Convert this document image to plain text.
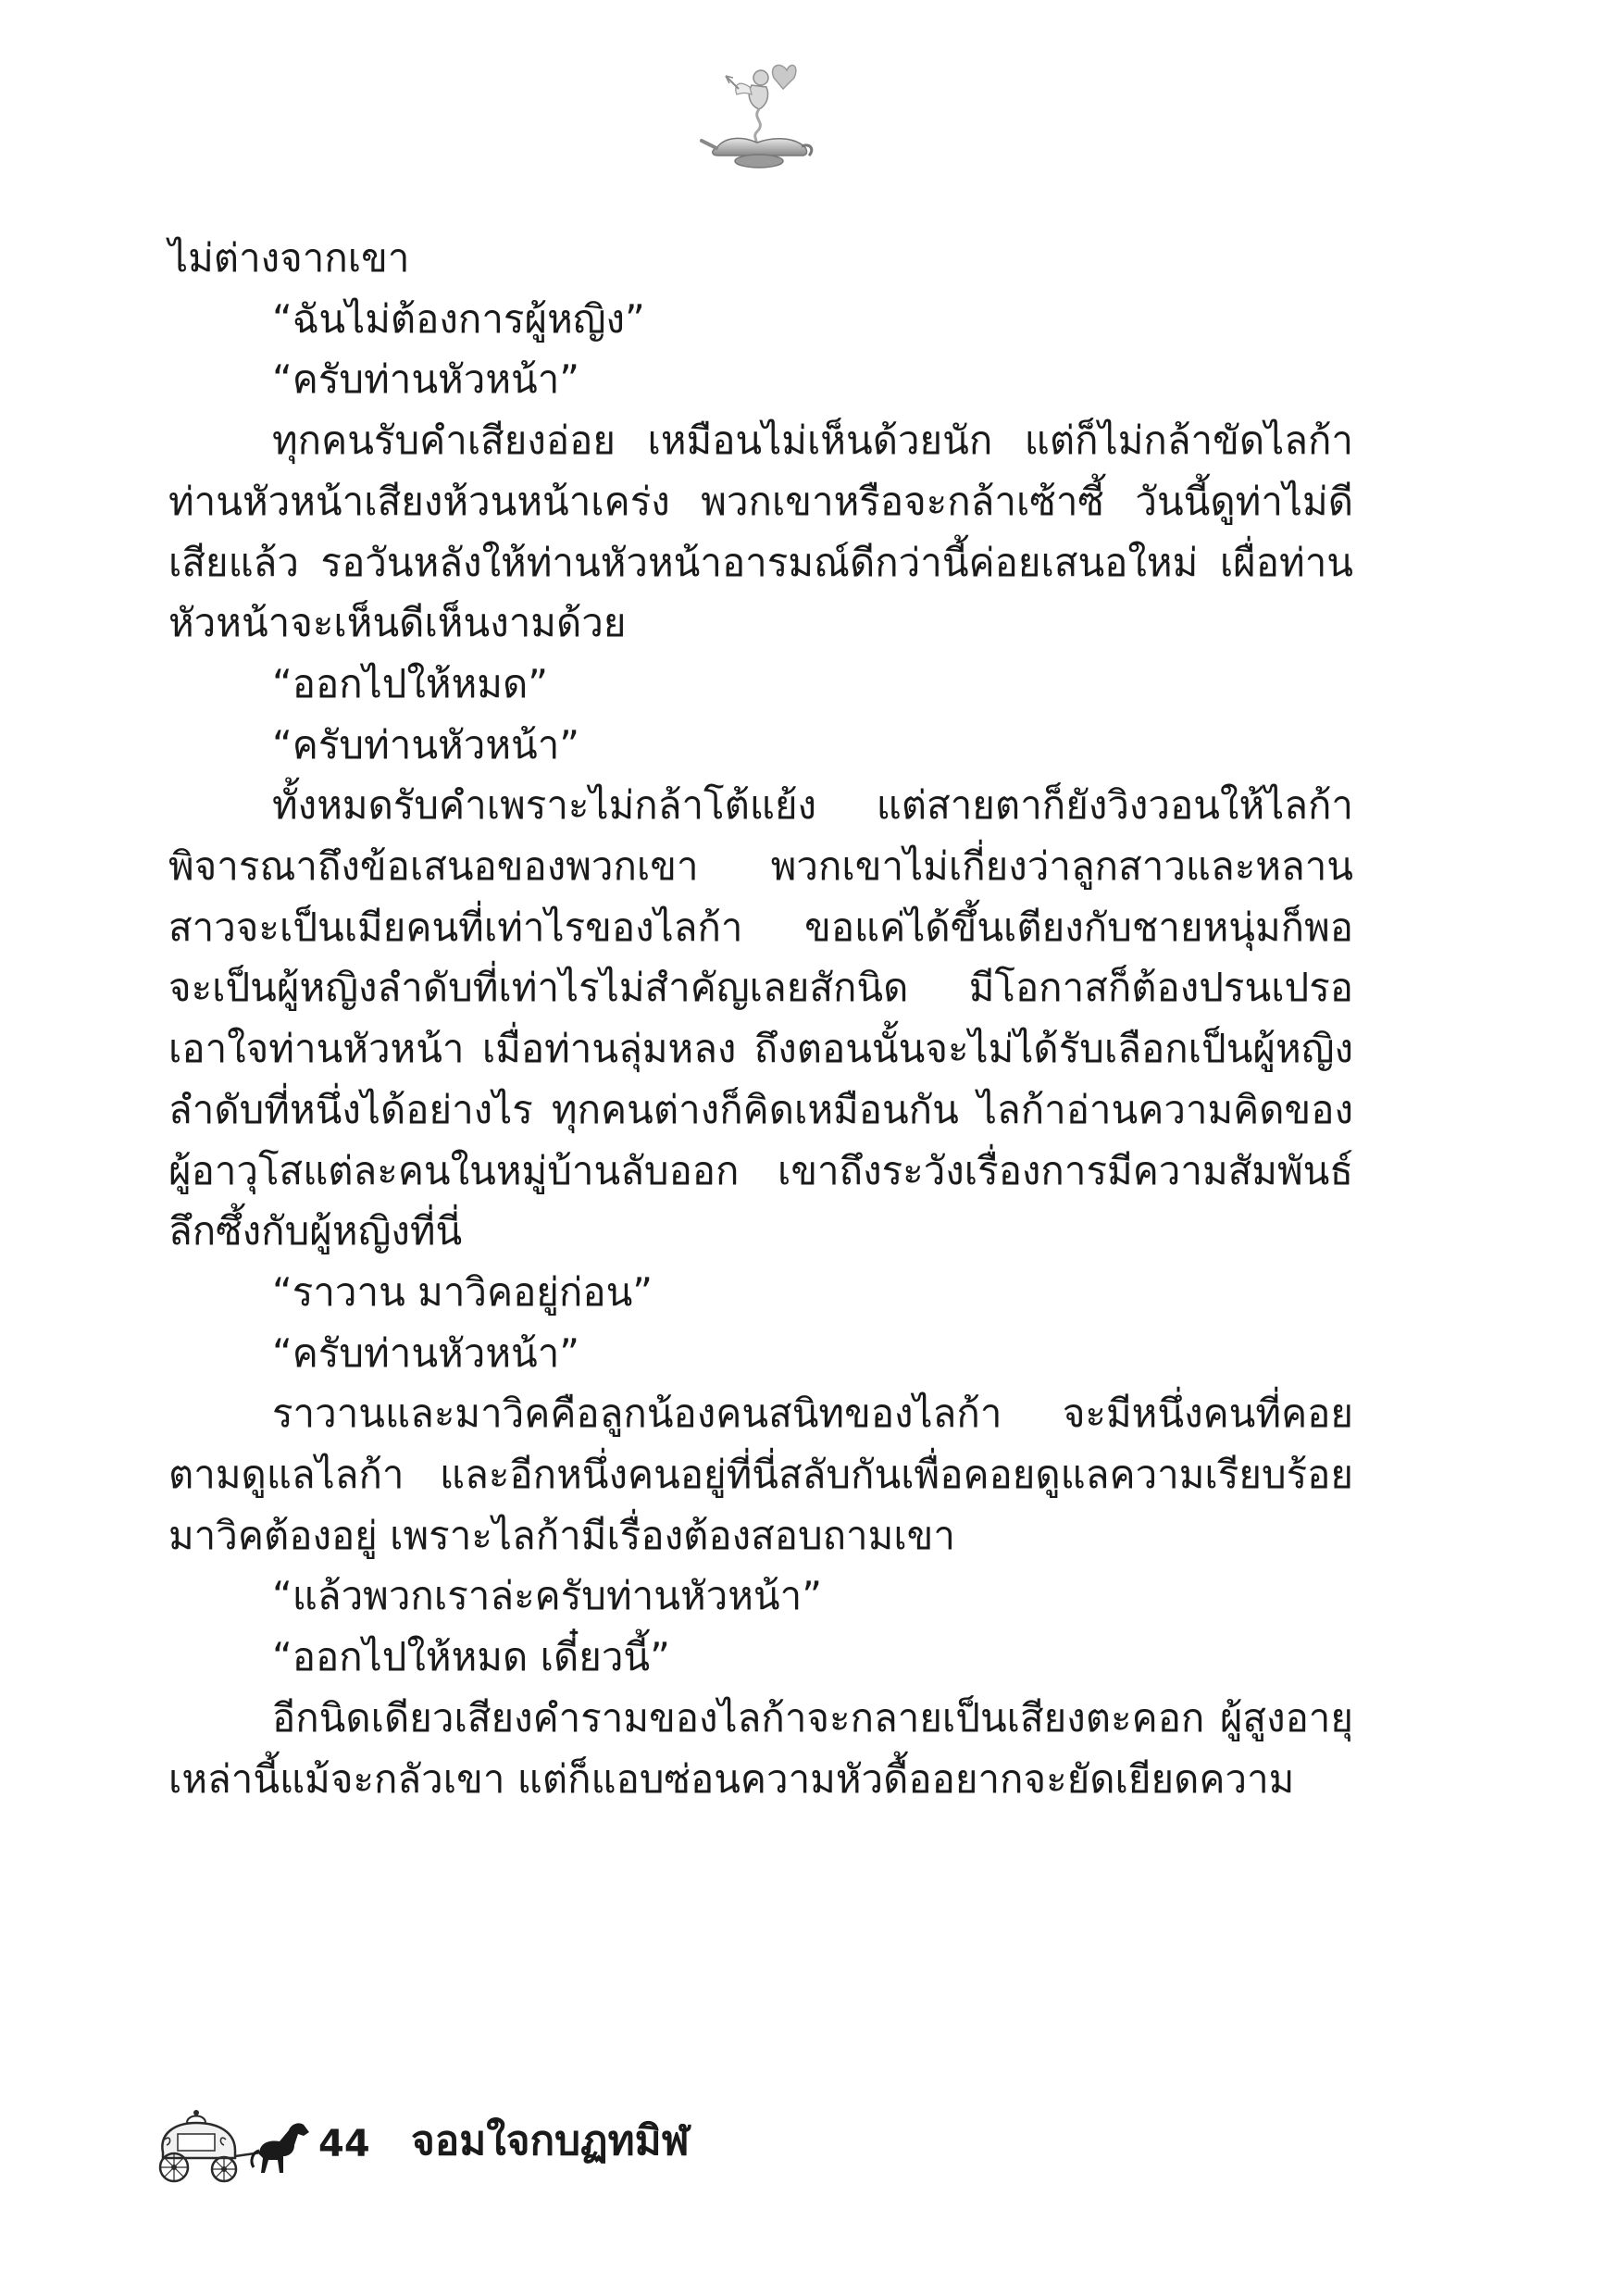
ไม่ต่างจากเขา

“ฉันไม่ต้องการผู้หญิง”

“ครับท่านหัวหน้า”

ทุกคนรับคำเสียงอ่อย เหมือนไม่เห็นด้วยนัก แต่ก็ไม่กล้าขัดไลก้า ท่านหัวหน้าเสียงห้วนหน้าเคร่ง พวกเขาหรือจะกล้าเซ้าซี้ วันนี้ดูท่าไม่ดีเสียแล้ว รอวันหลังให้ท่านหัวหน้าอารมณ์ดีกว่านี้ค่อยเสนอใหม่ เผื่อท่านหัวหน้าจะเห็นดีเห็นงามด้วย

“ออกไปให้หมด”

“ครับท่านหัวหน้า”

ทั้งหมดรับคำเพราะไม่กล้าโต้แย้ง แต่สายตาก็ยังวิงวอนให้ไลก้าพิจารณาถึงข้อเสนอของพวกเขา พวกเขาไม่เกี่ยงว่าลูกสาวและหลานสาวจะเป็นเมียคนที่เท่าไรของไลก้า ขอแค่ได้ขึ้นเตียงกับชายหนุ่มก็พอ จะเป็นผู้หญิงลำดับที่เท่าไรไม่สำคัญเลยสักนิด มีโอกาสก็ต้องปรนเปรอ เอาใจท่านหัวหน้า เมื่อท่านลุ่มหลง ถึงตอนนั้นจะไม่ได้รับเลือกเป็นผู้หญิงลำดับที่หนึ่งได้อย่างไร ทุกคนต่างก็คิดเหมือนกัน ไลก้าอ่านความคิดของผู้อาวุโสแต่ละคนในหมู่บ้านลับออก เขาถึงระวังเรื่องการมีความสัมพันธ์ลึกซึ้งกับผู้หญิงที่นี่

“ราวาน มาวิคอยู่ก่อน”

“ครับท่านหัวหน้า”

ราวานและมาวิคคือลูกน้องคนสนิทของไลก้า จะมีหนึ่งคนที่คอยตามดูแลไลก้า และอีกหนึ่งคนอยู่ที่นี่สลับกันเพื่อคอยดูแลความเรียบร้อย มาวิคต้องอยู่ เพราะไลก้ามีเรื่องต้องสอบถามเขา

“แล้วพวกเราล่ะครับท่านหัวหน้า”

“ออกไปให้หมด เดี๋ยวนี้”

อีกนิดเดียวเสียงคำรามของไลก้าจะกลายเป็นเสียงตะคอก ผู้สูงอายุเหล่านี้แม้จะกลัวเขา แต่ก็แอบซ่อนความหัวดื้ออยากจะยัดเยียดความ

44 จอมใจกบฏทมิฬ
